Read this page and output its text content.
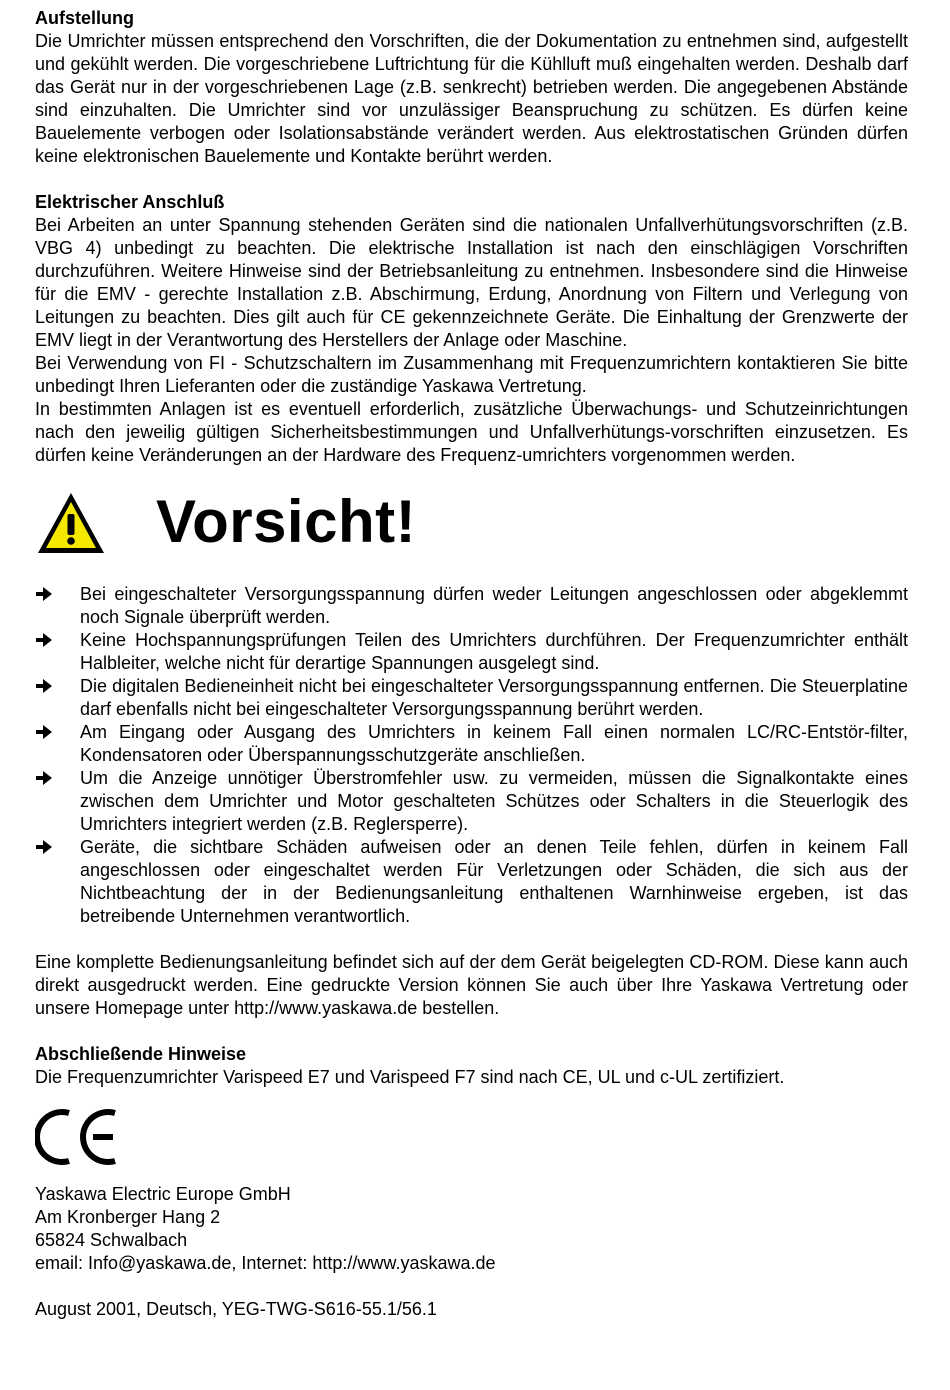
Aufstellung

Die Umrichter müssen entsprechend den Vorschriften, die der Dokumentation zu entnehmen sind, aufgestellt und gekühlt werden. Die vorgeschriebene Luftrichtung für die Kühlluft muß eingehalten werden. Deshalb darf das Gerät nur in der vorgeschriebenen Lage (z.B. senkrecht) betrieben werden. Die angegebenen Abstände sind einzuhalten. Die Umrichter sind vor unzulässiger Beanspruchung zu schützen. Es dürfen keine Bauelemente verbogen oder Isolationsabstände verändert werden. Aus elektrostatischen Gründen dürfen keine elektronischen Bauelemente und Kontakte berührt werden.

Elektrischer Anschluß

Bei Arbeiten an unter Spannung stehenden Geräten sind die nationalen Unfallverhütungsvorschriften (z.B. VBG 4) unbedingt zu beachten. Die elektrische Installation ist nach den einschlägigen Vorschriften durchzuführen. Weitere Hinweise sind der Betriebsanleitung zu entnehmen. Insbesondere sind die Hinweise für die EMV - gerechte Installation z.B. Abschirmung, Erdung, Anordnung von Filtern und Verlegung von Leitungen zu beachten. Dies gilt auch für CE gekennzeichnete Geräte. Die Einhaltung der Grenzwerte der EMV liegt in der Verantwortung des Herstellers der Anlage oder Maschine.

Bei Verwendung von FI - Schutzschaltern im Zusammenhang mit Frequenzumrichtern kontaktieren Sie bitte unbedingt Ihren Lieferanten oder die zuständige Yaskawa Vertretung.

In bestimmten Anlagen ist es eventuell erforderlich, zusätzliche Überwachungs- und Schutzeinrichtungen nach den jeweilig gültigen Sicherheitsbestimmungen und Unfallverhütungs-vorschriften einzusetzen. Es dürfen keine Veränderungen an der Hardware des Frequenz-umrichters vorgenommen werden.

Vorsicht!
Bei eingeschalteter Versorgungsspannung dürfen weder Leitungen angeschlossen oder abgeklemmt noch Signale überprüft werden.
Keine Hochspannungsprüfungen Teilen des Umrichters durchführen. Der Frequenzumrichter enthält Halbleiter, welche nicht für derartige Spannungen ausgelegt sind.
Die digitalen Bedieneinheit nicht bei eingeschalteter Versorgungsspannung entfernen. Die Steuerplatine darf ebenfalls nicht bei eingeschalteter Versorgungsspannung berührt werden.
Am Eingang oder Ausgang des Umrichters in keinem Fall einen normalen LC/RC-Entstör-filter, Kondensatoren oder Überspannungsschutzgeräte anschließen.
Um die Anzeige unnötiger Überstromfehler usw. zu vermeiden, müssen die Signalkontakte eines zwischen dem Umrichter und Motor geschalteten Schützes oder Schalters in die Steuerlogik des Umrichters integriert werden (z.B. Reglersperre).
Geräte, die sichtbare Schäden aufweisen oder an denen Teile fehlen, dürfen in keinem Fall angeschlossen oder eingeschaltet werden Für Verletzungen oder Schäden, die sich aus der Nichtbeachtung der in der Bedienungsanleitung enthaltenen Warnhinweise ergeben, ist das betreibende Unternehmen verantwortlich.

Eine komplette Bedienungsanleitung befindet sich auf der dem Gerät beigelegten CD-ROM. Diese kann auch direkt ausgedruckt werden. Eine gedruckte Version können Sie auch über Ihre Yaskawa Vertretung oder unsere Homepage unter http://www.yaskawa.de bestellen.

Abschließende Hinweise

Die Frequenzumrichter Varispeed E7 und Varispeed F7 sind nach CE, UL und c-UL zertifiziert.

Yaskawa Electric Europe GmbH
Am Kronberger Hang 2
65824 Schwalbach
email: Info@yaskawa.de, Internet: http://www.yaskawa.de
August 2001, Deutsch, YEG-TWG-S616-55.1/56.1
